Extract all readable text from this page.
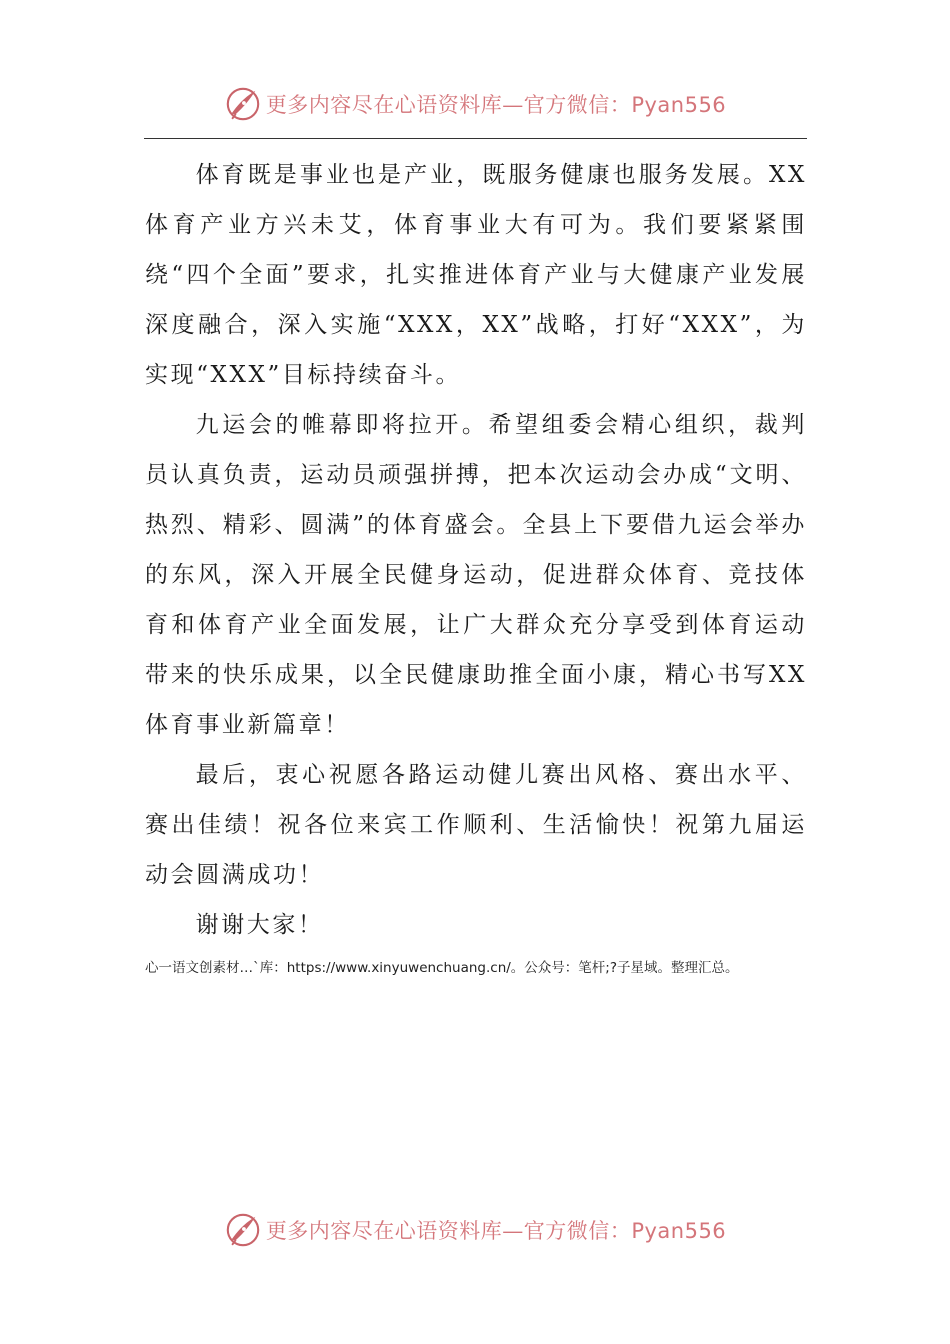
更多内容尽在心语资料库—官方微信：Pyan556

体育既是事业也是产业，既服务健康也服务发展。XX体育产业方兴未艾，体育事业大有可为。我们要紧紧围绕“四个全面”要求，扎实推进体育产业与大健康产业发展深度融合，深入实施“XXX，XX”战略，打好“XXX”，为实现“XXX”目标持续奋斗。

九运会的帷幕即将拉开。希望组委会精心组织，裁判员认真负责，运动员顽强拼搏，把本次运动会办成“文明、热烈、精彩、圆满”的体育盛会。全县上下要借九运会举办的东风，深入开展全民健身运动，促进群众体育、竞技体育和体育产业全面发展，让广大群众充分享受到体育运动带来的快乐成果，以全民健康助推全面小康，精心书写XX体育事业新篇章！

最后，衷心祝愿各路运动健儿赛出风格、赛出水平、赛出佳绩！祝各位来宾工作顺利、生活愉快！祝第九届运动会圆满成功！

谢谢大家！

心一语文创素材…`库：https://www.xinyuwenchuang.cn/。公众号：笔杆;?子星域。整理汇总。

更多内容尽在心语资料库—官方微信：Pyan556
